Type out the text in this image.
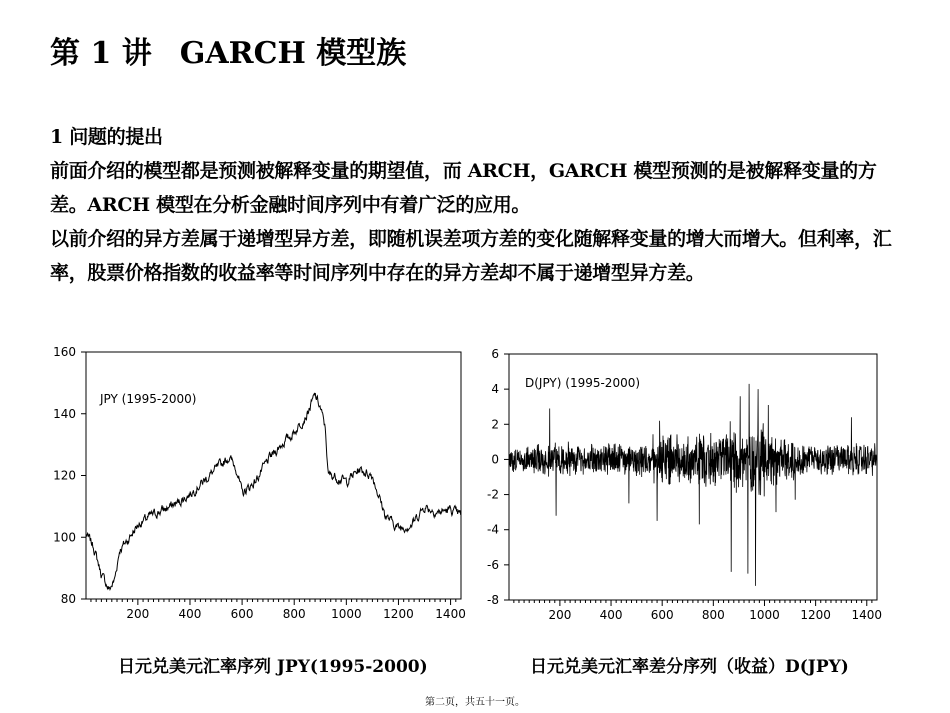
第 1 讲 GARCH 模型族
1 问题的提出
前面介绍的模型都是预测被解释变量的期望值，而 ARCH，GARCH 模型预测的是被解释变量的方差。ARCH 模型在分析金融时间序列中有着广泛的应用。
以前介绍的异方差属于递增型异方差，即随机误差项方差的变化随解释变量的增大而增大。但利率，汇率，股票价格指数的收益率等时间序列中存在的异方差却不属于递增型异方差。
200 400 600 800 1000 1200 1400
80
100
120
140
160
JPY (1995-2000)
200 400 600 800 1000 1200 1400
-8
-6
-4
-2
0
2
4
6
D(JPY) (1995-2000)
日元兑美元汇率序列 JPY(1995-2000)	日元兑美元汇率差分序列（收益）D(JPY)
第二页，共五十一页。
